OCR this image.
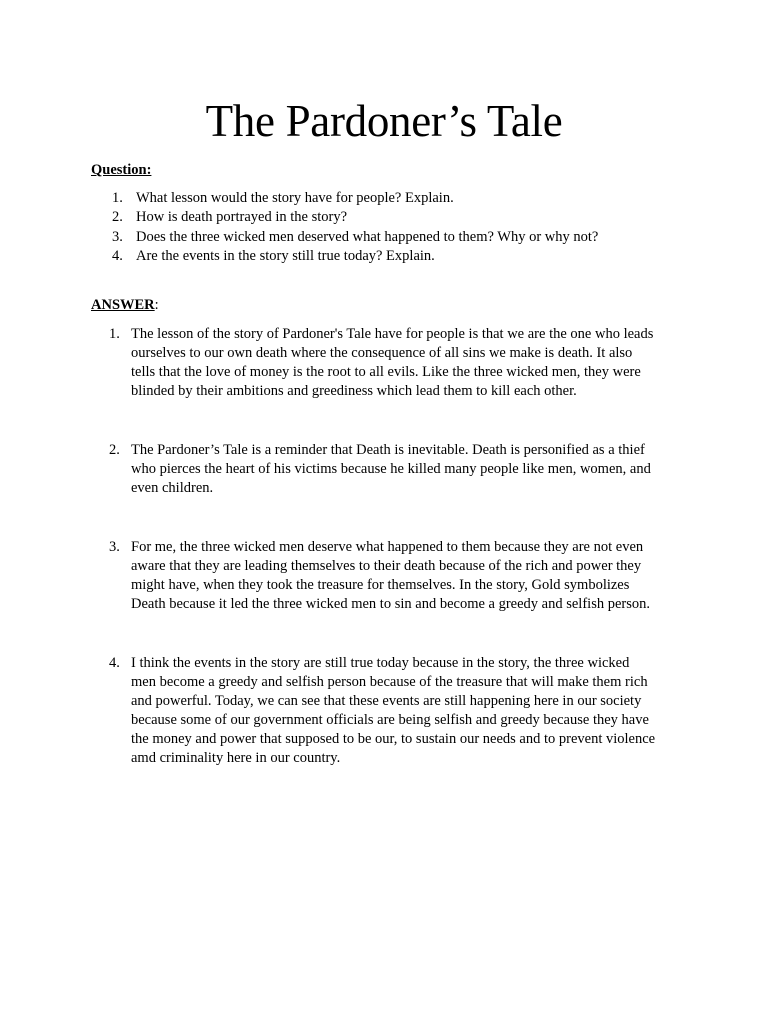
The Pardoner’s Tale

Question:

1. What lesson would the story have for people? Explain.
2. How is death portrayed in the story?
3. Does the three wicked men deserved what happened to them? Why or why not?
4. Are the events in the story still true today? Explain.

ANSWER:

1. The lesson of the story of Pardoner's Tale have for people is that we are the one who leads
ourselves to our own death where the consequence of all sins we make is death. It also
tells that the love of money is the root to all evils. Like the three wicked men, they were
blinded by their ambitions and greediness which lead them to kill each other.
2. The Pardoner’s Tale is a reminder that Death is inevitable. Death is personified as a thief
who pierces the heart of his victims because he killed many people like men, women, and
even children.
3. For me, the three wicked men deserve what happened to them because they are not even
aware that they are leading themselves to their death because of the rich and power they
might have, when they took the treasure for themselves. In the story, Gold symbolizes
Death because it led the three wicked men to sin and become a greedy and selfish person.
4. I think the events in the story are still true today because in the story, the three wicked
men become a greedy and selfish person because of the treasure that will make them rich
and powerful. Today, we can see that these events are still happening here in our society
because some of our government officials are being selfish and greedy because they have
the money and power that supposed to be our, to sustain our needs and to prevent violence
amd criminality here in our country.
